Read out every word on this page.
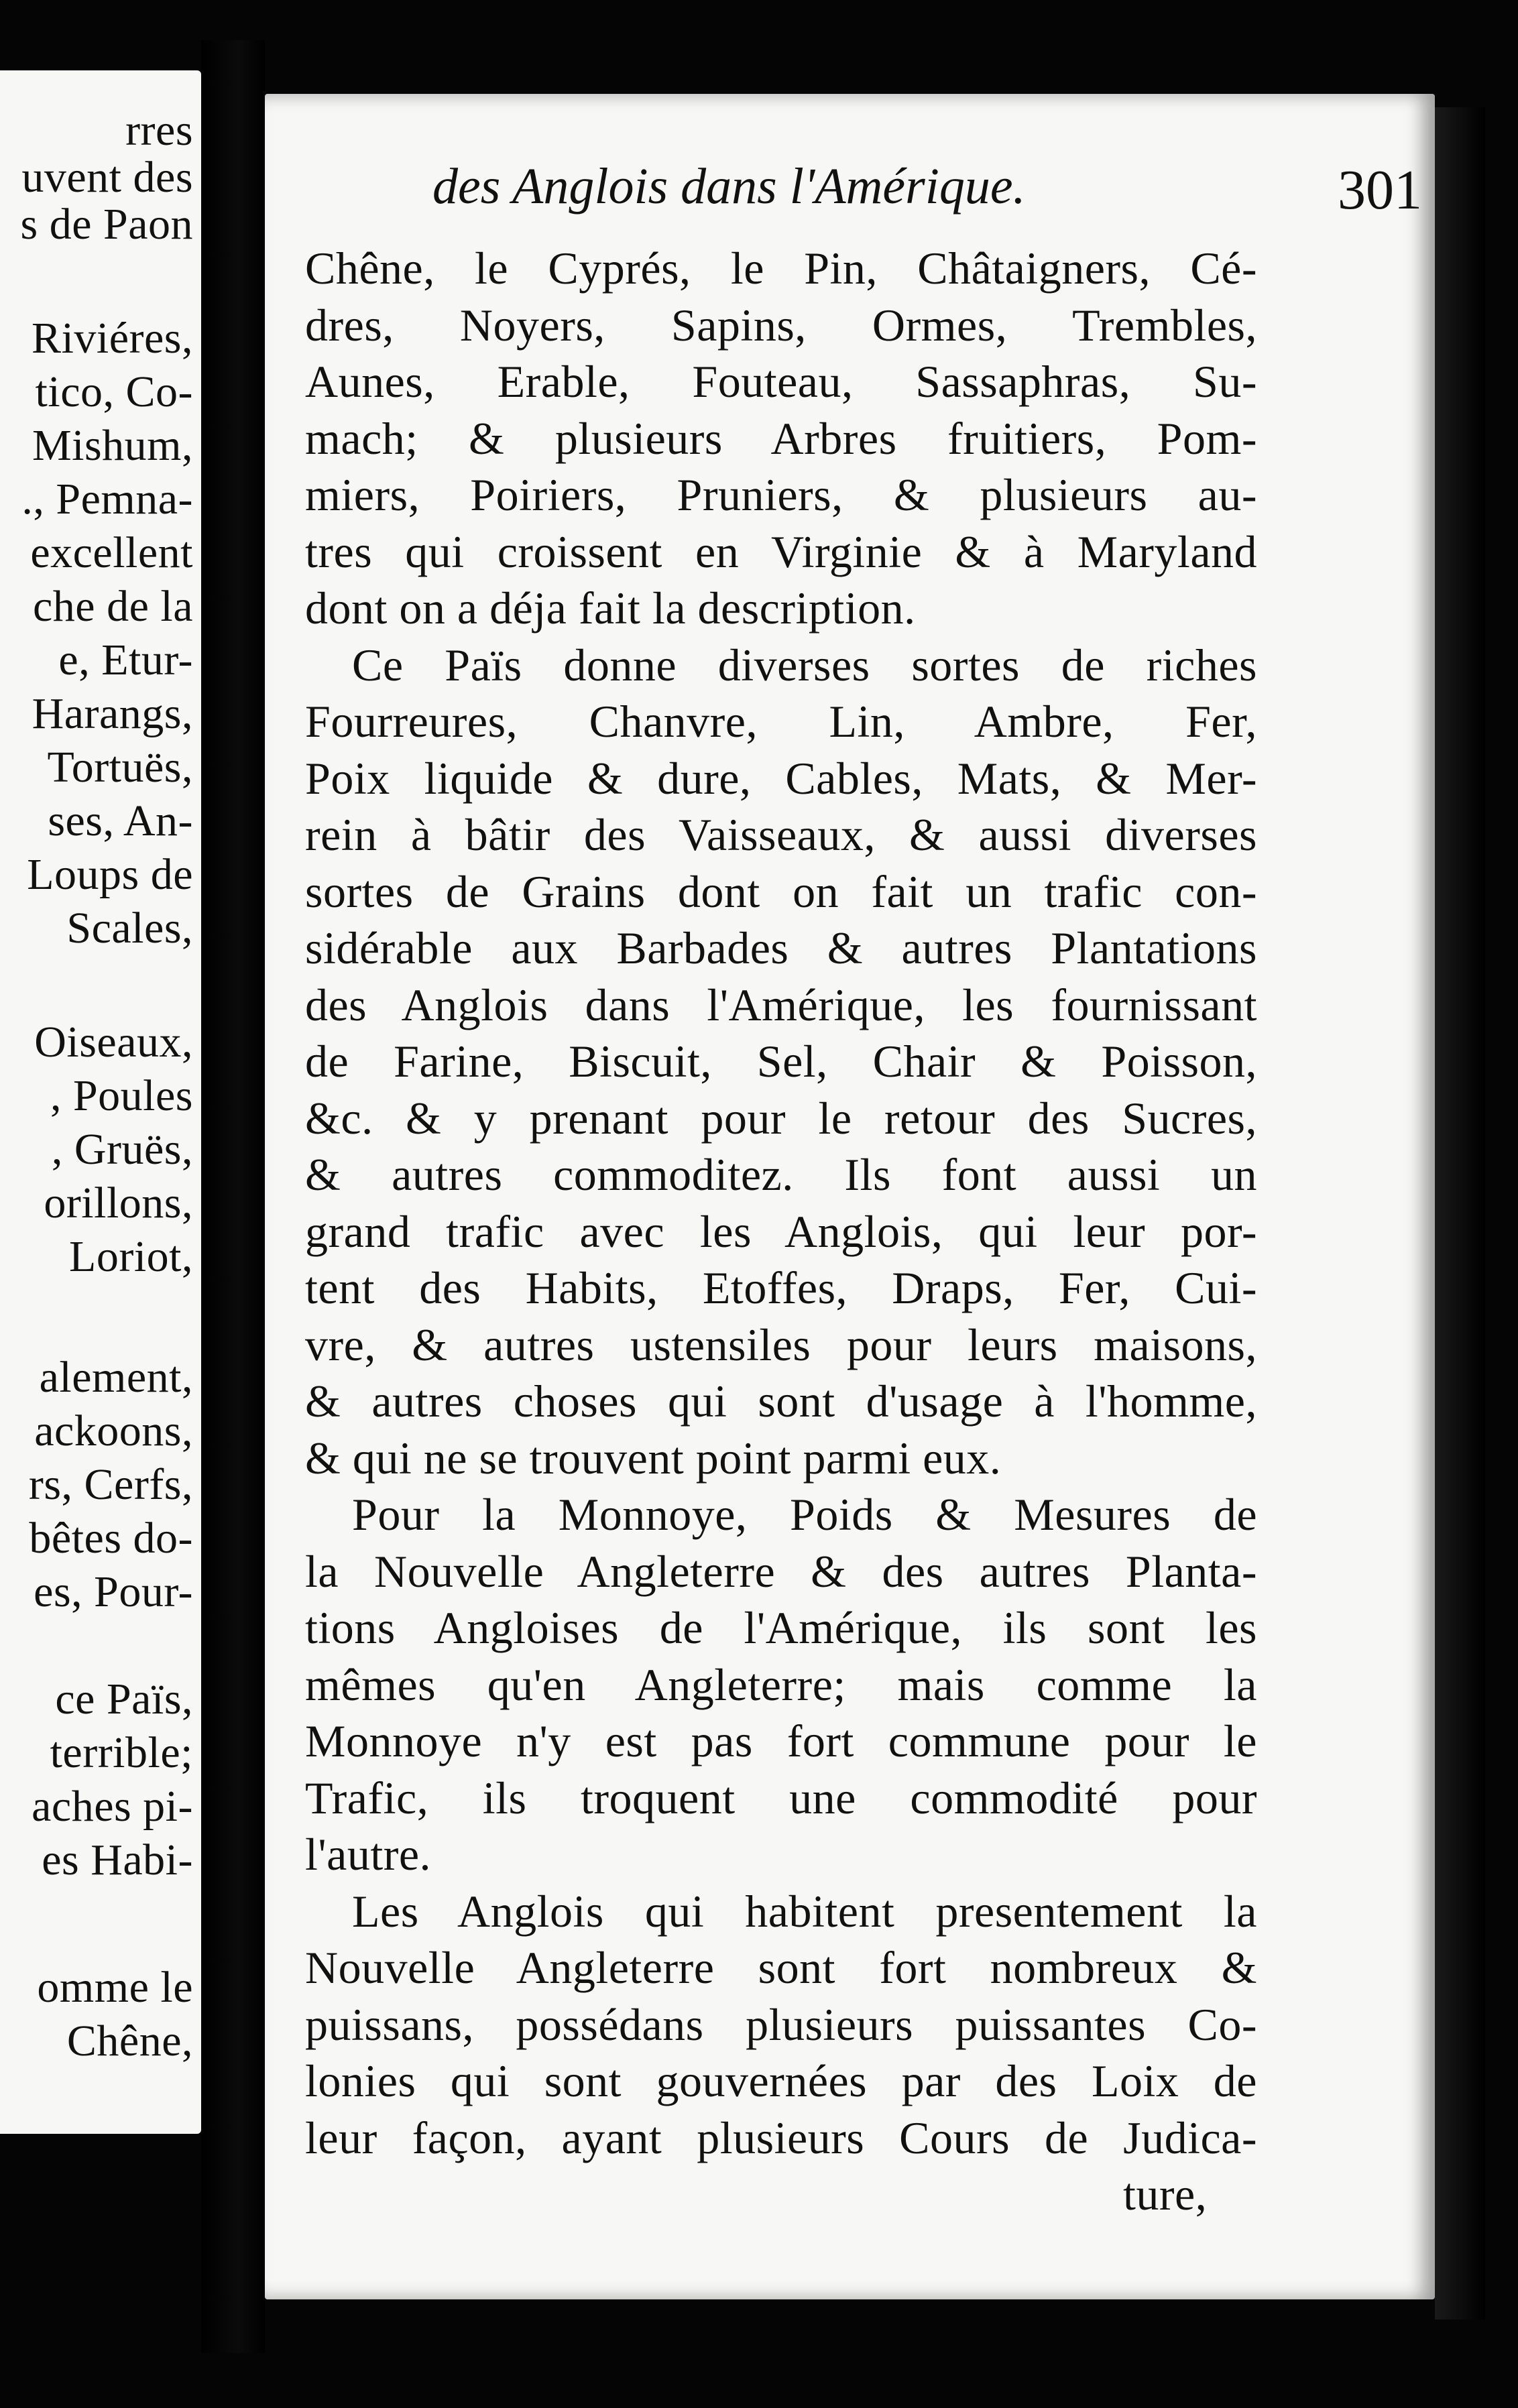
rres
uvent des
s de Paon
Riviéres,
tico, Co-
Mishum,
., Pemna-
excellent
che de la
e, Etur-
Harangs,
Tortuës,
ses, An-
Loups de
Scales,
Oiseaux,
, Poules
, Gruës,
orillons,
Loriot,
alement,
ackoons,
rs, Cerfs,
bêtes do-
es, Pour-
ce Païs,
terrible;
aches pi-
es Habi-
omme le
Chêne,
des Anglois dans l'Amérique.	301
Chêne, le Cyprés, le Pin, Châtaigners, Cé-
dres, Noyers, Sapins, Ormes, Trembles,
Aunes, Erable, Fouteau, Sassaphras, Su-
mach; & plusieurs Arbres fruitiers, Pom-
miers, Poiriers, Pruniers, & plusieurs au-
tres qui croissent en Virginie & à Maryland
dont on a déja fait la description.
Ce Païs donne diverses sortes de riches
Fourreures, Chanvre, Lin, Ambre, Fer,
Poix liquide & dure, Cables, Mats, & Mer-
rein à bâtir des Vaisseaux, & aussi diverses
sortes de Grains dont on fait un trafic con-
sidérable aux Barbades & autres Plantations
des Anglois dans l'Amérique, les fournissant
de Farine, Biscuit, Sel, Chair & Poisson,
&c. & y prenant pour le retour des Sucres,
& autres commoditez. Ils font aussi un
grand trafic avec les Anglois, qui leur por-
tent des Habits, Etoffes, Draps, Fer, Cui-
vre, & autres ustensiles pour leurs maisons,
& autres choses qui sont d'usage à l'homme,
& qui ne se trouvent point parmi eux.
Pour la Monnoye, Poids & Mesures de
la Nouvelle Angleterre & des autres Planta-
tions Angloises de l'Amérique, ils sont les
mêmes qu'en Angleterre; mais comme la
Monnoye n'y est pas fort commune pour le
Trafic, ils troquent une commodité pour
l'autre.
Les Anglois qui habitent presentement la
Nouvelle Angleterre sont fort nombreux &
puissans, possédans plusieurs puissantes Co-
lonies qui sont gouvernées par des Loix de
leur façon, ayant plusieurs Cours de Judica-
ture,
